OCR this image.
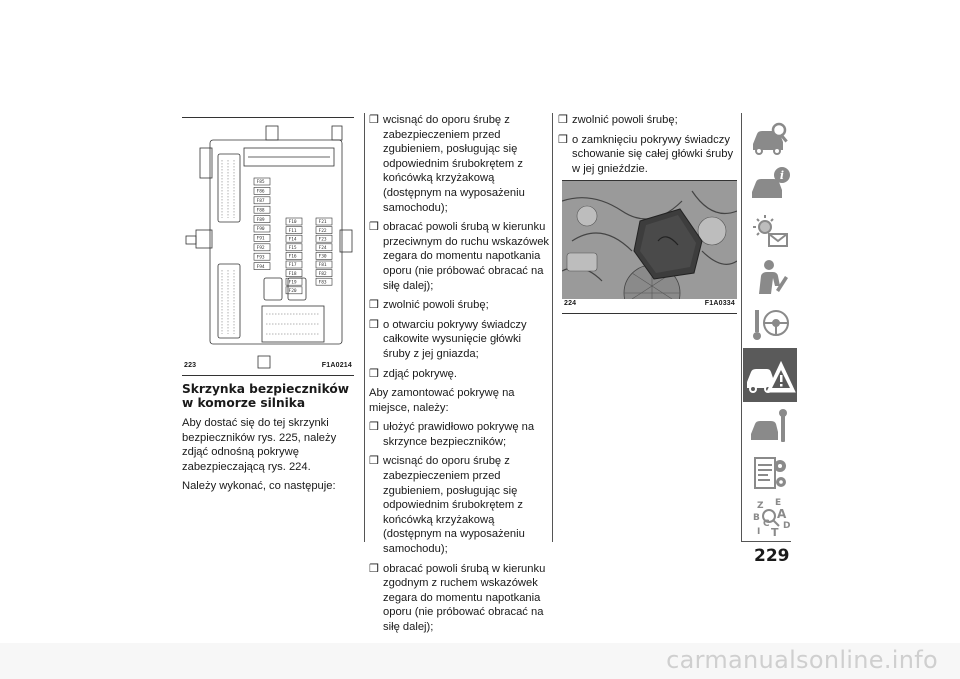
F85
F86
F87
F88
F89
F90
F91
F92
F93
F94
F10
F11
F14
F15
F16
F17
F18
F19
F20
F21
F22
F23
F24
F30
F81
F82
F83
223	F1A0214
Skrzynka bezpieczników
w komorze silnika

Aby dostać się do tej skrzynki bezpieczników rys. 225, należy zdjąć odnośną pokrywę zabezpieczającą rys. 224.

Należy wykonać, co następuje:

❒ wcisnąć do oporu śrubę z zabezpieczeniem przed zgubieniem, posługując się odpowiednim śrubokrętem z końcówką krzyżakową (dostępnym na wyposażeniu samochodu);
❒ obracać powoli śrubą w kierunku przeciwnym do ruchu wskazówek zegara do momentu napotkania oporu (nie próbować obracać na siłę dalej);
❒ zwolnić powoli śrubę;
❒ o otwarciu pokrywy świadczy całkowite wysunięcie główki śruby z jej gniazda;
❒ zdjąć pokrywę.

Aby zamontować pokrywę na miejsce, należy:

❒ ułożyć prawidłowo pokrywę na skrzynce bezpieczników;
❒ wcisnąć do oporu śrubę z zabezpieczeniem przed zgubieniem, posługując się odpowiednim śrubokrętem z końcówką krzyżakową (dostępnym na wyposażeniu samochodu);
❒ obracać powoli śrubą w kierunku zgodnym z ruchem wskazówek zegara do momentu napotkania oporu (nie próbować obracać na siłę dalej);
❒ zwolnić powoli śrubę;
❒ o zamknięciu pokrywy świadczy schowanie się całej główki śruby w jej gnieździe.
224	F1A0334
i
Z E
B A
C D
T
I
229
carmanualsonline.info
